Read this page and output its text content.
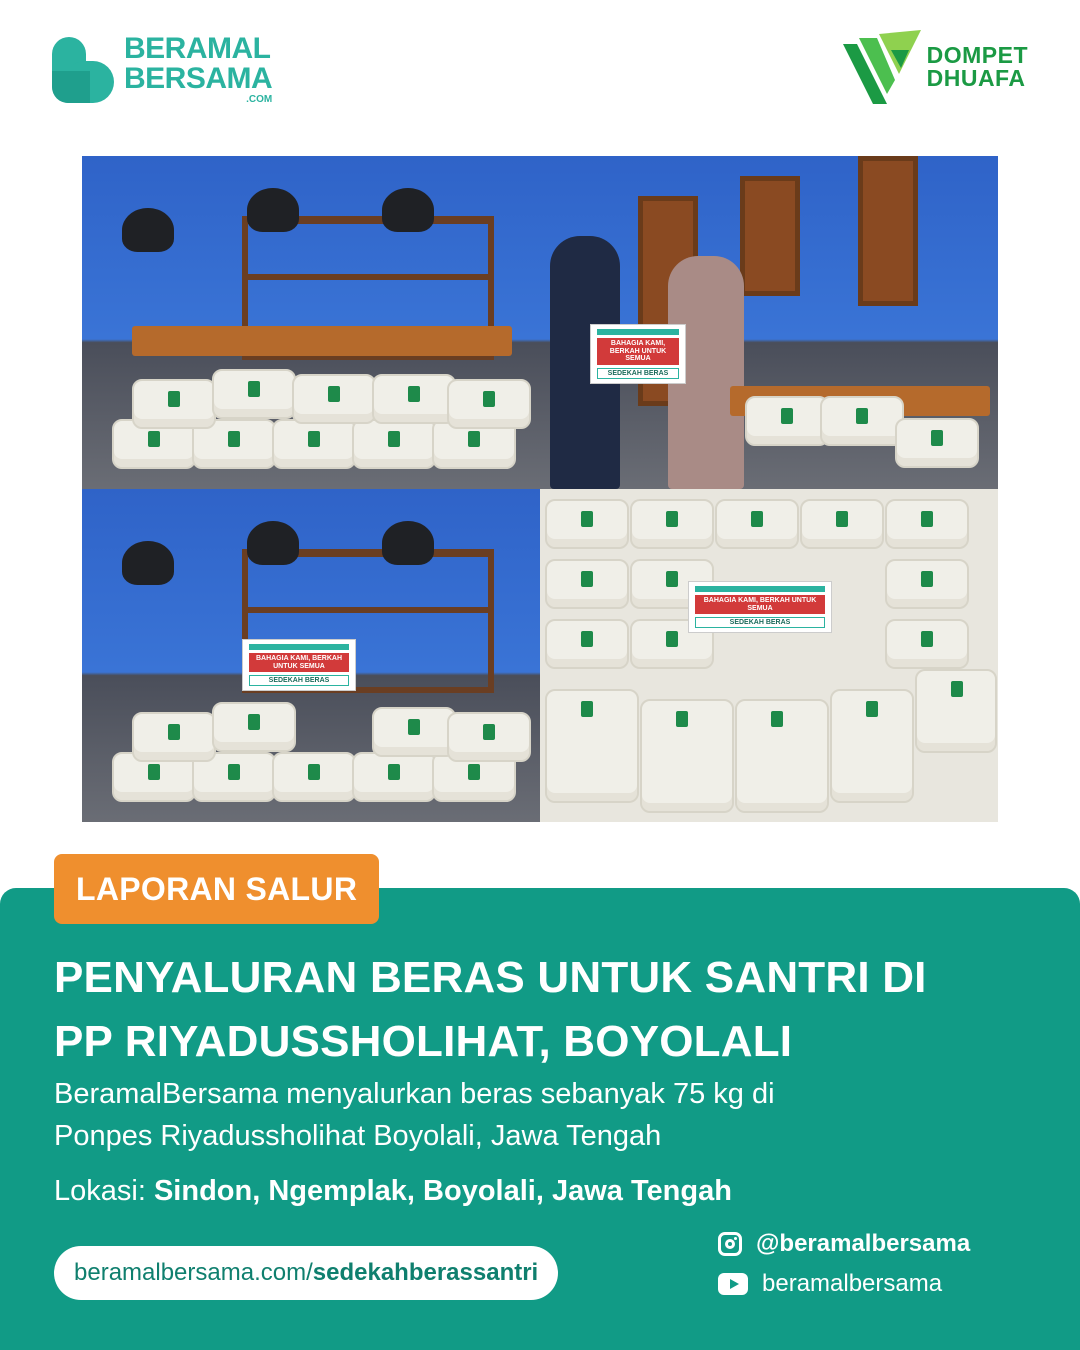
BERAMAL
BERSAMA
.COM
DOMPET
DHUAFA
BAHAGIA KAMI, BERKAH UNTUK SEMUA
SEDEKAH BERAS
BAHAGIA KAMI, BERKAH UNTUK SEMUA
SEDEKAH BERAS
BAHAGIA KAMI, BERKAH UNTUK SEMUA
SEDEKAH BERAS
LAPORAN SALUR
PENYALURAN BERAS UNTUK SANTRI DI
PP RIYADUSSHOLIHAT, BOYOLALI
BeramalBersama menyalurkan beras sebanyak 75 kg di
Ponpes Riyadussholihat Boyolali, Jawa Tengah
Lokasi: Sindon, Ngemplak, Boyolali, Jawa Tengah
beramalbersama.com / sedekahberassantri
@beramalbersama
beramalbersama
